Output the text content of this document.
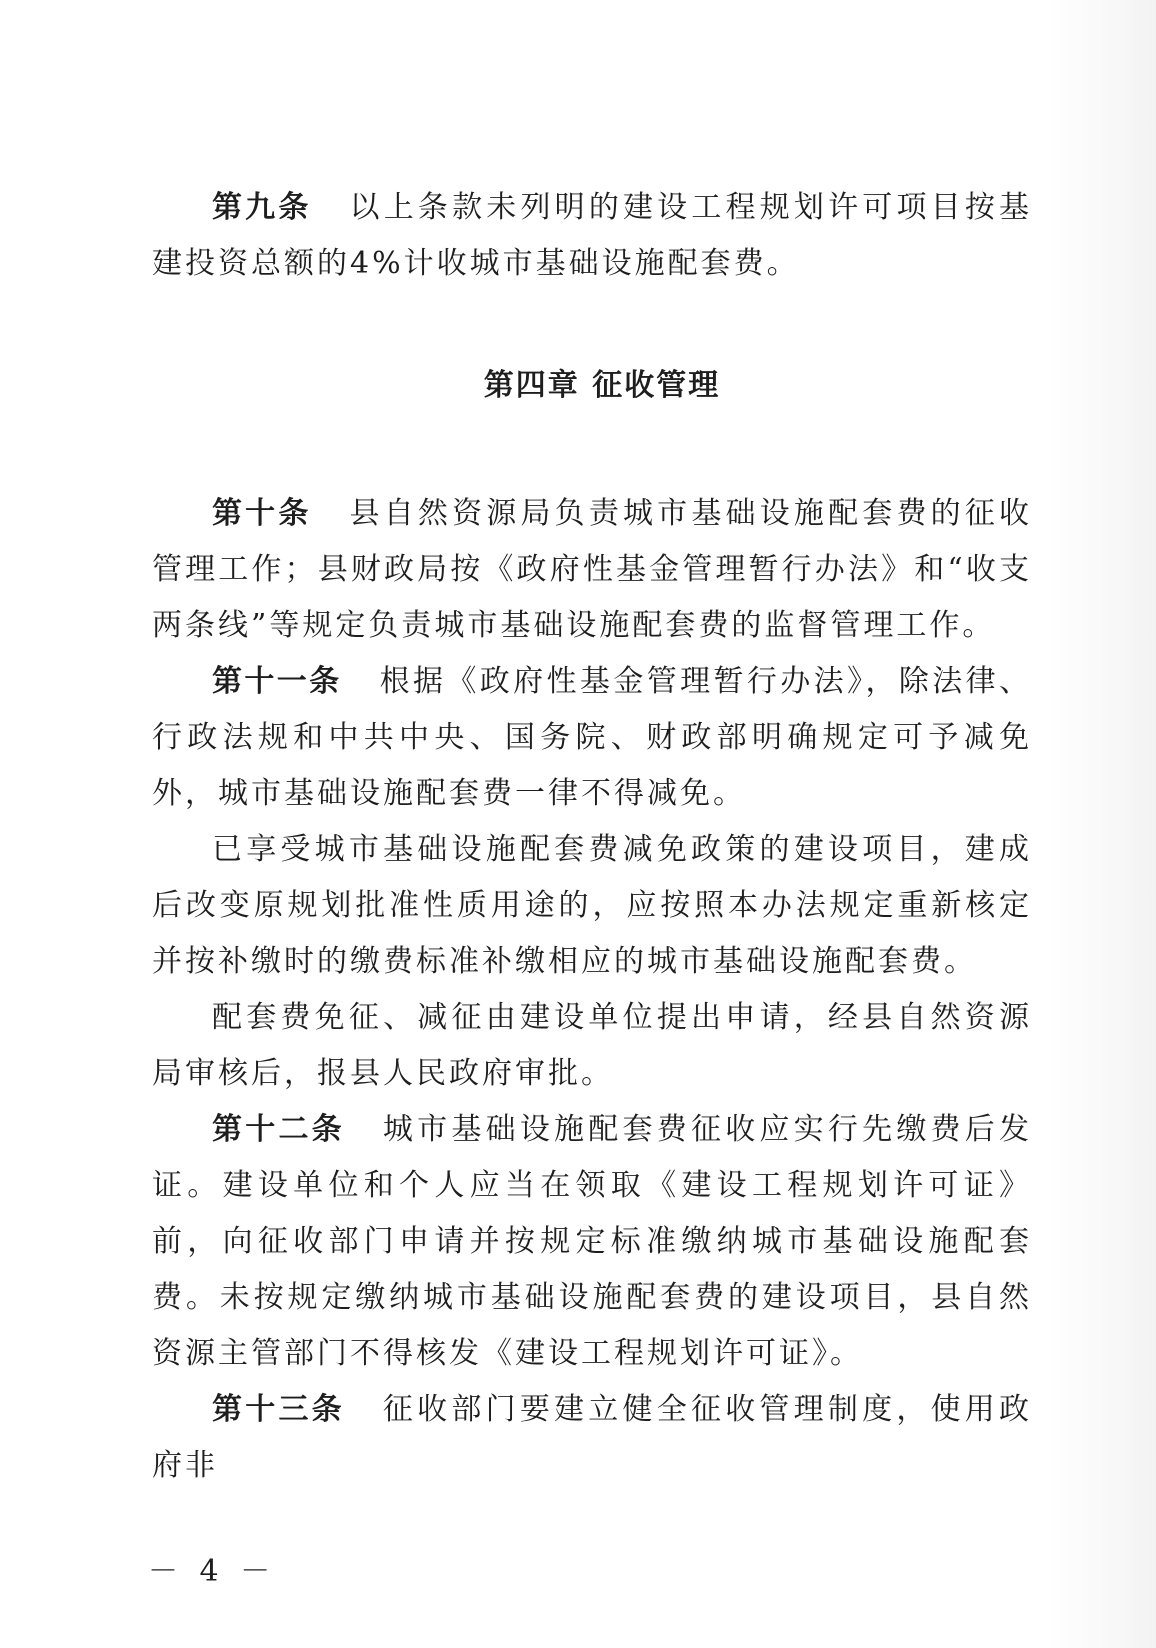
第九条 以上条款未列明的建设工程规划许可项目按基建投资总额的4%计收城市基础设施配套费。

第四章 征收管理

第十条 县自然资源局负责城市基础设施配套费的征收管理工作；县财政局按《政府性基金管理暂行办法》和“收支两条线”等规定负责城市基础设施配套费的监督管理工作。

第十一条 根据《政府性基金管理暂行办法》，除法律、行政法规和中共中央、国务院、财政部明确规定可予减免外，城市基础设施配套费一律不得减免。

已享受城市基础设施配套费减免政策的建设项目，建成后改变原规划批准性质用途的，应按照本办法规定重新核定并按补缴时的缴费标准补缴相应的城市基础设施配套费。

配套费免征、减征由建设单位提出申请，经县自然资源局审核后，报县人民政府审批。

第十二条 城市基础设施配套费征收应实行先缴费后发证。建设单位和个人应当在领取《建设工程规划许可证》前，向征收部门申请并按规定标准缴纳城市基础设施配套费。未按规定缴纳城市基础设施配套费的建设项目，县自然资源主管部门不得核发《建设工程规划许可证》。

第十三条 征收部门要建立健全征收管理制度，使用政府非

－ 4 －
